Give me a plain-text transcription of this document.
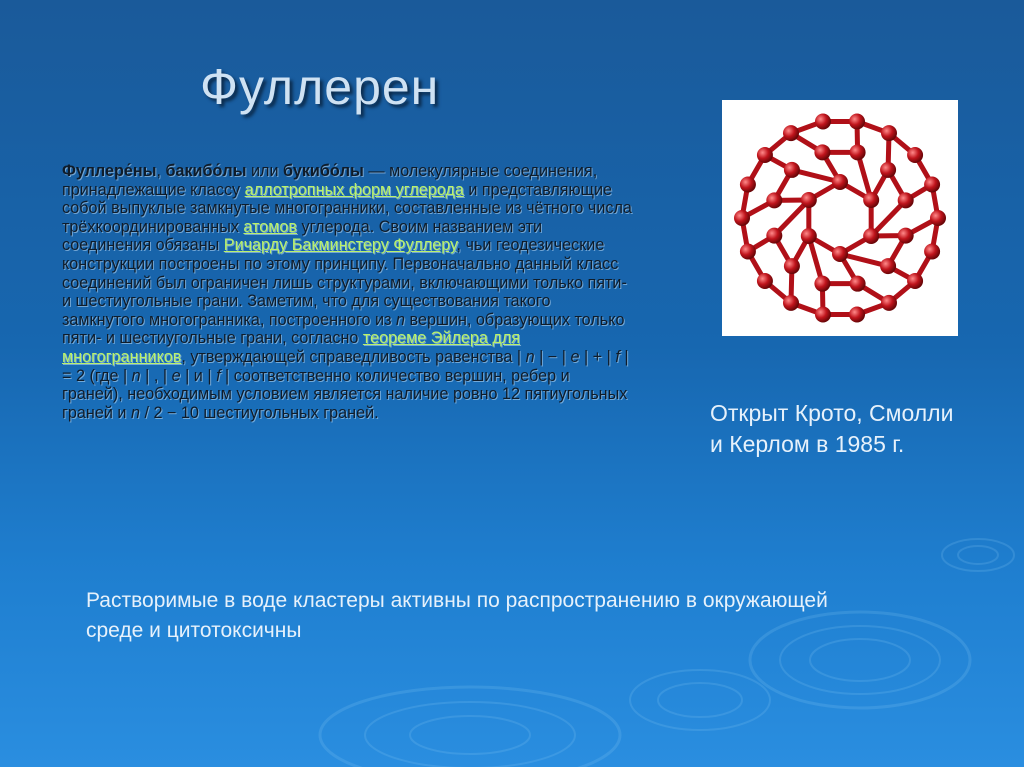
Фуллерен
Фуллере́ны, бакибо́лы или букибо́лы — молекулярные соединения, принадлежащие классу аллотропных форм углерода и представляющие собой выпуклые замкнутые многогранники, составленные из чётного числа трёхкоординированных атомов углерода. Своим названием эти соединения обязаны Ричарду Бакминстеру Фуллеру, чьи геодезические конструкции построены по этому принципу. Первоначально данный класс соединений был ограничен лишь структурами, включающими только пяти- и шестиугольные грани. Заметим, что для существования такого замкнутого многогранника, построенного из n вершин, образующих только пяти- и шестиугольные грани, согласно теореме Эйлера для многогранников, утверждающей справедливость равенства | n | − | e | + | f | = 2 (где | n | , | e | и | f | соответственно количество вершин, ребер и граней), необходимым условием является наличие ровно 12 пятиугольных граней и n / 2 − 10 шестиугольных граней.	Открыт Крото, Смолли и Керлом в 1985 г.
Растворимые в воде кластеры активны по распространению в окружающей среде и цитотоксичны
